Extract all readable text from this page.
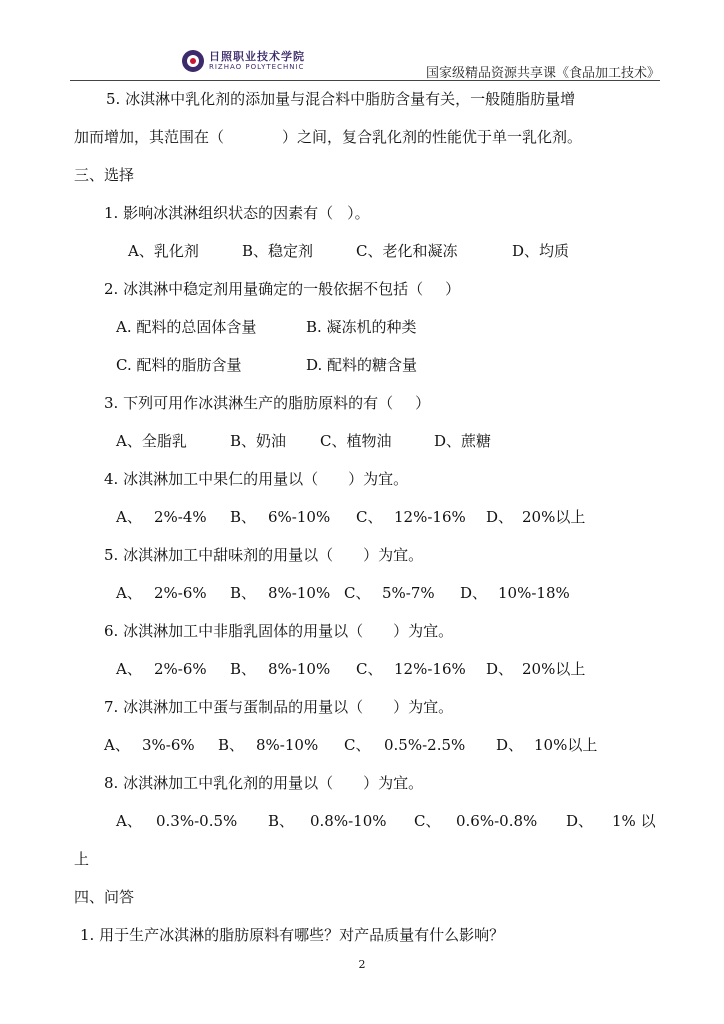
日照职业技术学院
RIZHAO POLYTECHNIC	国家级精品资源共享课《食品加工技术》
5. 冰淇淋中乳化剂的添加量与混合料中脂肪含量有关，一般随脂肪量增
加而增加，其范围在（	）之间，复合乳化剂的性能优于单一乳化剂。
三、选择
1. 影响冰淇淋组织状态的因素有（ ）。
A、乳化剂	B、稳定剂	C、老化和凝冻	D、均质
2. 冰淇淋中稳定剂用量确定的一般依据不包括（ ）
A. 配料的总固体含量	B. 凝冻机的种类
C. 配料的脂肪含量	D. 配料的糖含量
3. 下列可用作冰淇淋生产的脂肪原料的有（ ）
A、全脂乳	B、奶油 C、植物油	D、蔗糖
4. 冰淇淋加工中果仁的用量以（ ）为宜。
A、 2%-4% B、 6%-10% C、 12%-16% D、 20%以上
5. 冰淇淋加工中甜味剂的用量以（ ）为宜。
A、 2%-6% B、 8%-10% C、 5%-7% D、 10%-18%
6. 冰淇淋加工中非脂乳固体的用量以（ ）为宜。
A、 2%-6% B、 8%-10% C、 12%-16% D、 20%以上
7. 冰淇淋加工中蛋与蛋制品的用量以（ ）为宜。
A、 3%-6% B、 8%-10% C、 0.5%-2.5% D、 10%以上
8. 冰淇淋加工中乳化剂的用量以（ ）为宜。
A、 0.3%-0.5% B、 0.8%-10% C、 0.6%-0.8% D、 1% 以
上
四、问答
1. 用于生产冰淇淋的脂肪原料有哪些？对产品质量有什么影响？
2
